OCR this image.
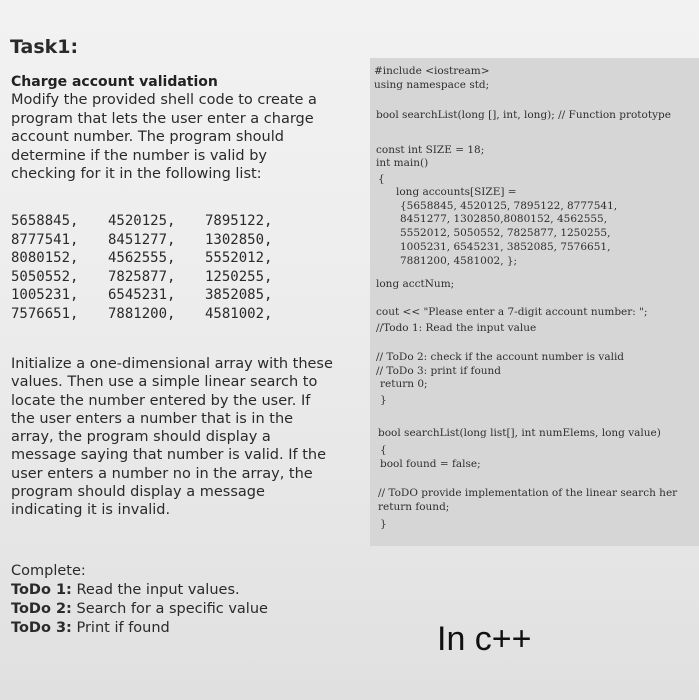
Task1:
Charge account validation
Modify the provided shell code to create a
program that lets the user enter a charge
account number. The program should
determine if the number is valid by
checking for it in the following list:
5658845,	4520125,	7895122,
8777541,	8451277,	1302850,
8080152,	4562555,	5552012,
5050552,	7825877,	1250255,
1005231,	6545231,	3852085,
7576651,	7881200,	4581002,
Initialize a one-dimensional array with these
values. Then use a simple linear search to
locate the number entered by the user. If
the user enters a number that is in the
array, the program should display a
message saying that number is valid. If the
user enters a number no in the array, the
program should display a message
indicating it is invalid.
Complete:
ToDo 1: Read the input values.
ToDo 2: Search for a specific value
ToDo 3: Print if found
#include <iostream>
using namespace std;
bool searchList(long [], int, long); // Function prototype
const int SIZE = 18;
int main()
{
long accounts[SIZE] =
{5658845, 4520125, 7895122, 8777541,
8451277, 1302850,8080152, 4562555,
5552012, 5050552, 7825877, 1250255,
1005231, 6545231, 3852085, 7576651,
7881200, 4581002, };
long acctNum;
cout << "Please enter a 7-digit account number: ";
//Todo 1: Read the input value
// ToDo 2: check if the account number is valid
// ToDo 3: print if found
return 0;
}
bool searchList(long list[], int numElems, long value)
{
bool found = false;
// ToDO provide implementation of the linear search her
return found;
}
In c++
